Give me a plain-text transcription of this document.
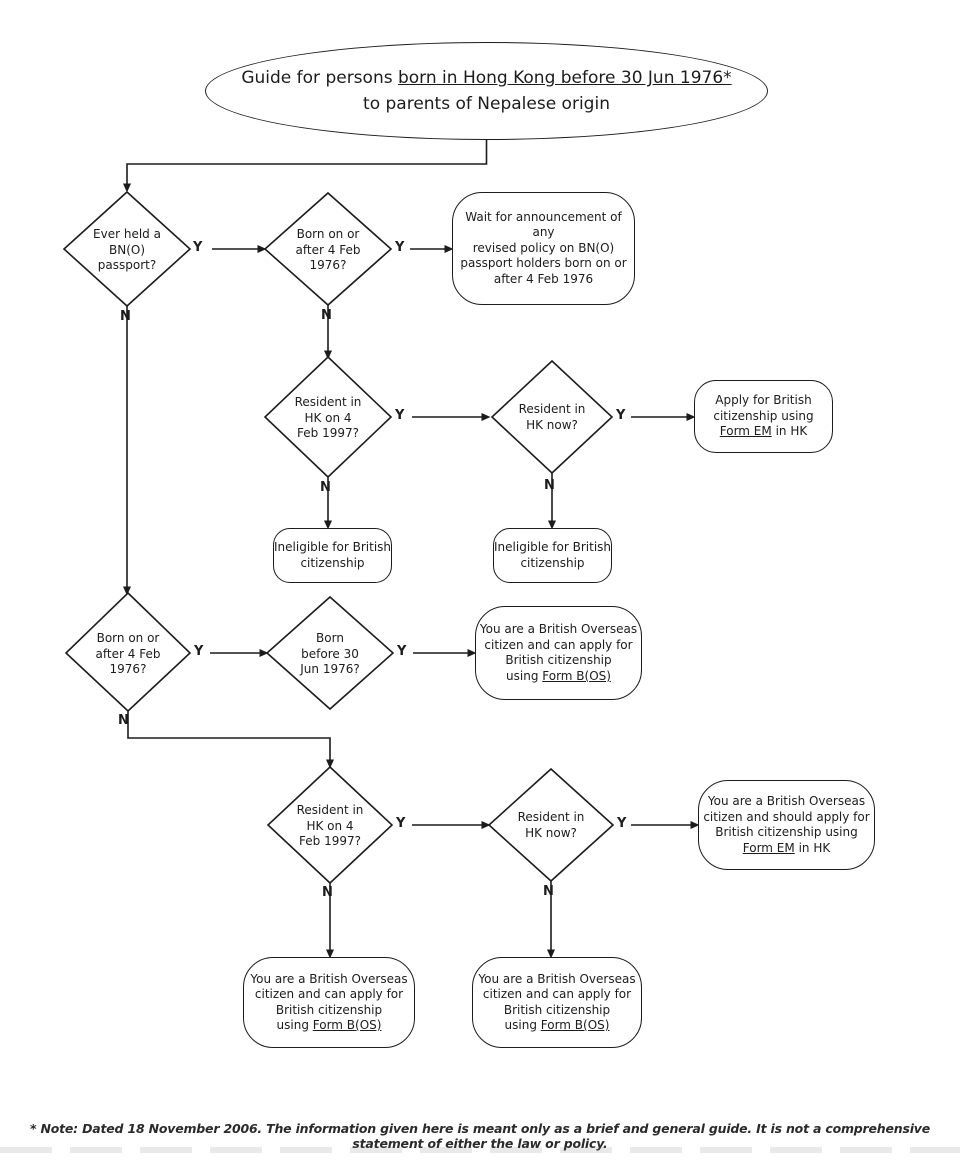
Guide for persons born in Hong Kong before 30 Jun 1976*
to parents of Nepalese origin
Ever held a
BN(O)
passport?
Born on or
after 4 Feb
1976?
Resident in
HK on 4
Feb 1997?
Resident in
HK now?
Born on or
after 4 Feb
1976?
Born
before 30
Jun 1976?
Resident in
HK on 4
Feb 1997?
Resident in
HK now?
Y	Y
N	N
Y	Y
N	N
Y	Y
N
Y	Y
N	N
Wait for announcement of any
revised policy on BN(O)
passport holders born on or
after 4 Feb 1976
Apply for British
citizenship using
Form EM in HK
Ineligible for British
citizenship
Ineligible for British
citizenship
You are a British Overseas
citizen and can apply for
British citizenship
using Form B(OS)
You are a British Overseas
citizen and should apply for
British citizenship using
Form EM in HK
You are a British Overseas
citizen and can apply for
British citizenship
using Form B(OS)
You are a British Overseas
citizen and can apply for
British citizenship
using Form B(OS)
* Note: Dated 18 November 2006. The information given here is meant only as a brief and general guide. It is not a comprehensive statement of either the law or policy.
